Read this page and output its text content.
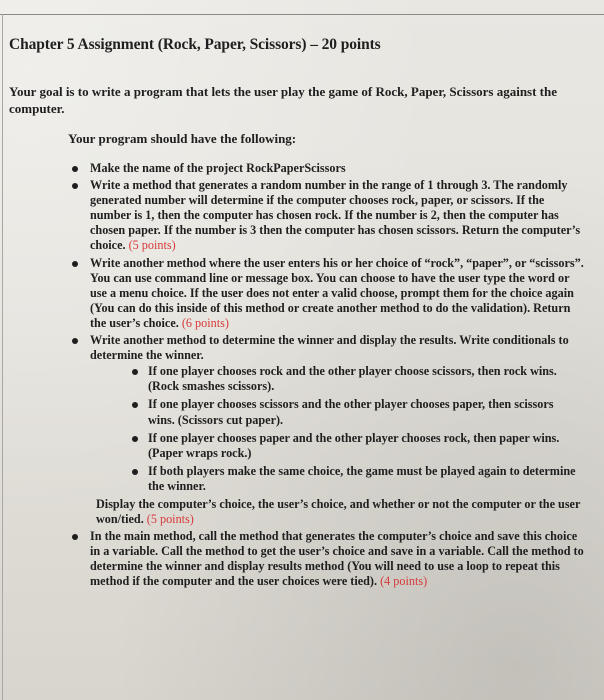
Chapter 5 Assignment (Rock, Paper, Scissors) – 20 points
Your goal is to write a program that lets the user play the game of Rock, Paper, Scissors against the computer.
Your program should have the following:
Make the name of the project RockPaperScissors
Write a method that generates a random number in the range of 1 through 3. The randomly generated number will determine if the computer chooses rock, paper, or scissors. If the number is 1, then the computer has chosen rock. If the number is 2, then the computer has chosen paper. If the number is 3 then the computer has chosen scissors. Return the computer’s choice. (5 points)
Write another method where the user enters his or her choice of “rock”, “paper”, or “scissors”. You can use command line or message box. You can choose to have the user type the word or use a menu choice. If the user does not enter a valid choose, prompt them for the choice again (You can do this inside of this method or create another method to do the validation). Return the user’s choice. (6 points)
Write another method to determine the winner and display the results. Write conditionals to determine the winner.
If one player chooses rock and the other player choose scissors, then rock wins. (Rock smashes scissors).
If one player chooses scissors and the other player chooses paper, then scissors wins. (Scissors cut paper).
If one player chooses paper and the other player chooses rock, then paper wins. (Paper wraps rock.)
If both players make the same choice, the game must be played again to determine the winner.
Display the computer’s choice, the user’s choice, and whether or not the computer or the user won/tied. (5 points)
In the main method, call the method that generates the computer’s choice and save this choice in a variable. Call the method to get the user’s choice and save in a variable. Call the method to determine the winner and display results method (You will need to use a loop to repeat this method if the computer and the user choices were tied). (4 points)
